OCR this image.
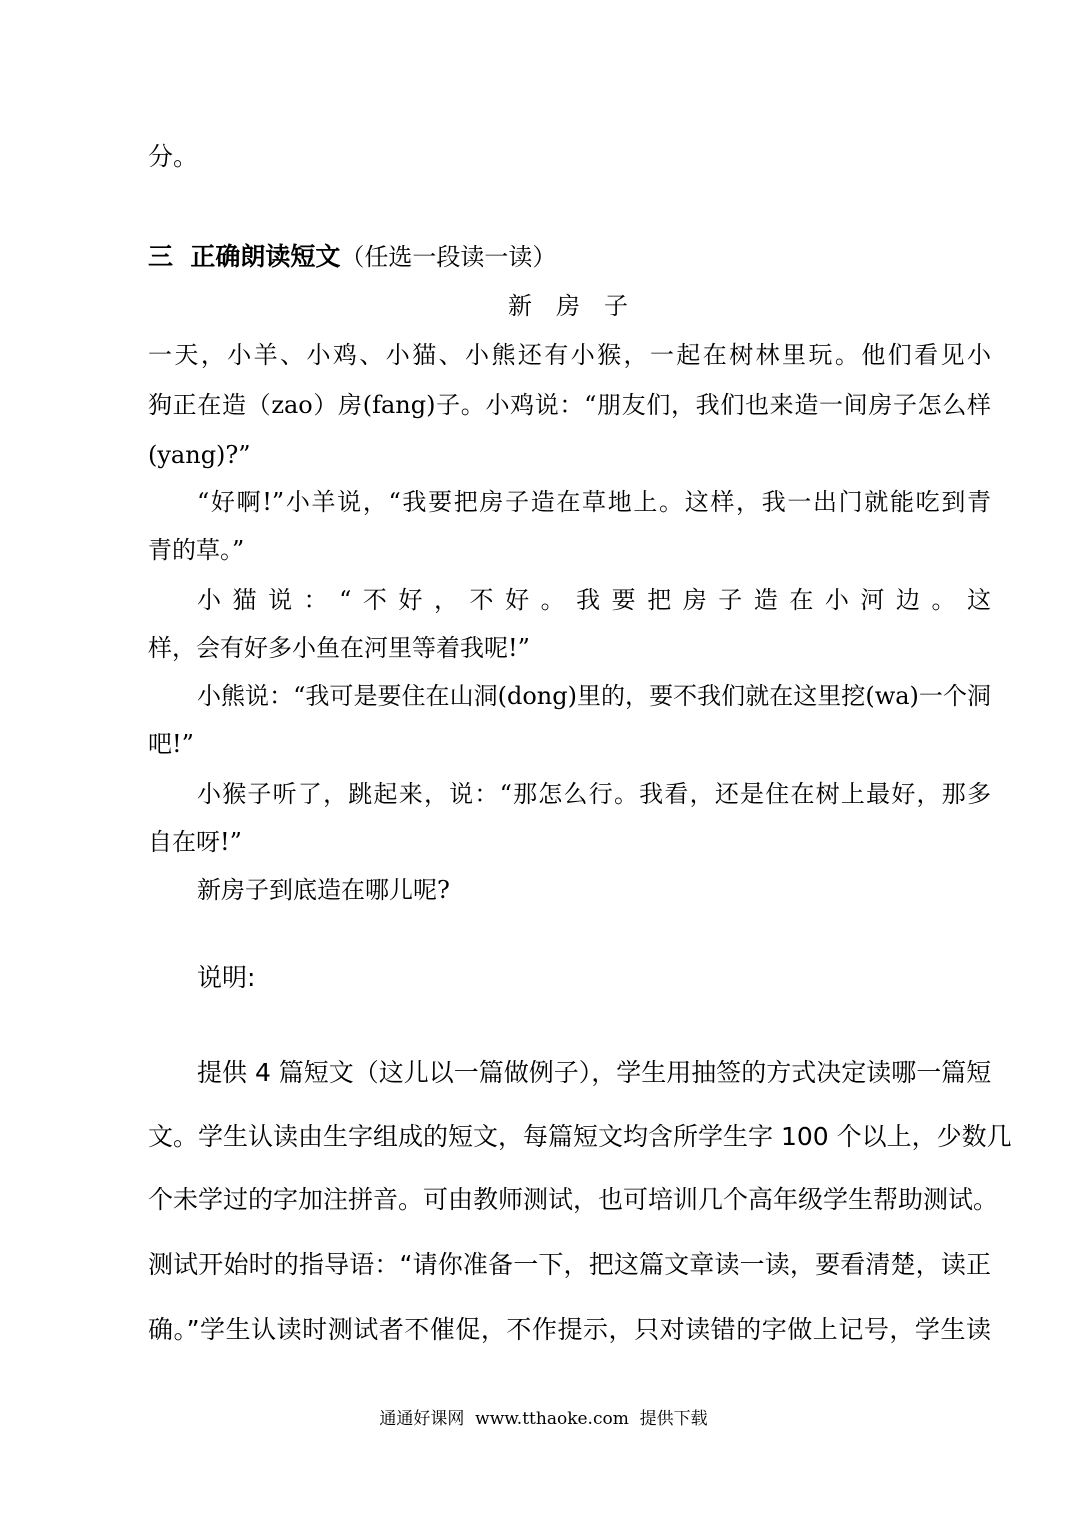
分。
三  正确朗读短文（任选一段读一读）
新房子
一天，小羊、小鸡、小猫、小熊还有小猴，一起在树林里玩。他们看见小
狗正在造（zao）房(fang)子。小鸡说：“朋友们，我们也来造一间房子怎么样
(yang)?”
“好啊!”小羊说，“我要把房子造在草地上。这样，我一出门就能吃到青
青的草。”
小猫说：“不好，不好。我要把房子造在小河边。这
样，会有好多小鱼在河里等着我呢!”
小熊说：“我可是要住在山洞(dong)里的，要不我们就在这里挖(wa)一个洞
吧!”
小猴子听了，跳起来，说：“那怎么行。我看，还是住在树上最好，那多
自在呀!”
新房子到底造在哪儿呢?
说明:
提供 4 篇短文（这儿以一篇做例子），学生用抽签的方式决定读哪一篇短
文。学生认读由生字组成的短文，每篇短文均含所学生字 100 个以上，少数几
个未学过的字加注拼音。可由教师测试，也可培训几个高年级学生帮助测试。
测试开始时的指导语：“请你准备一下，把这篇文章读一读，要看清楚，读正
确。”学生认读时测试者不催促，不作提示，只对读错的字做上记号，学生读
通通好课网  www.tthaoke.com  提供下载
